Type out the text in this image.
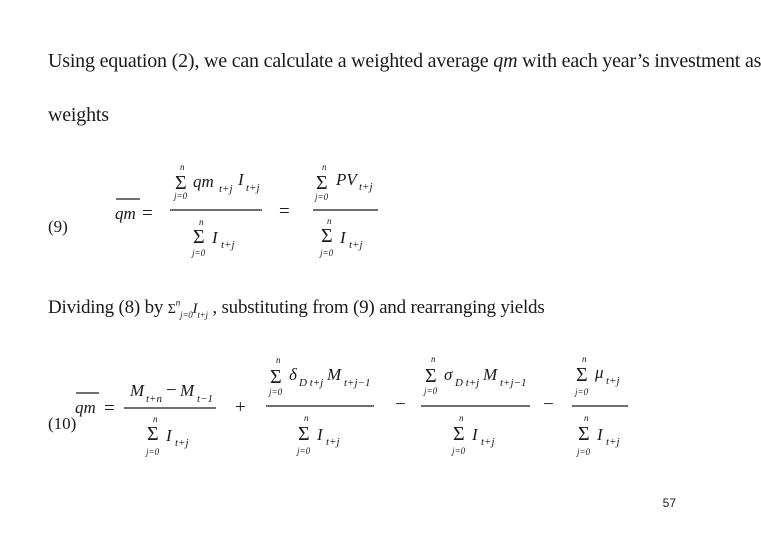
Using equation (2), we can calculate a weighted average qm with each year’s investment as
weights
(9)
Dividing (8) by $\Sigma^n_{j=0}I_{t+j}$ , substituting from (9) and rearranging yields
(10)
qm =
n
Σ
j=0
qm t+j I t+j
n
Σ
j=0
I t+j
=
n
Σ
j=0
PV t+j
n
Σ
j=0
I t+j
qm =
M t+n − M t−1
n
Σ
j=0
I t+j
+
n
Σ
j=0
δ D t+j M t+j−1
n
Σ
j=0
I t+j
−
n
Σ
j=0
σ D t+j M t+j−1
n
Σ
j=0
I t+j
−
n
Σ
j=0
μ t+j
n
Σ
j=0
I t+j
57
